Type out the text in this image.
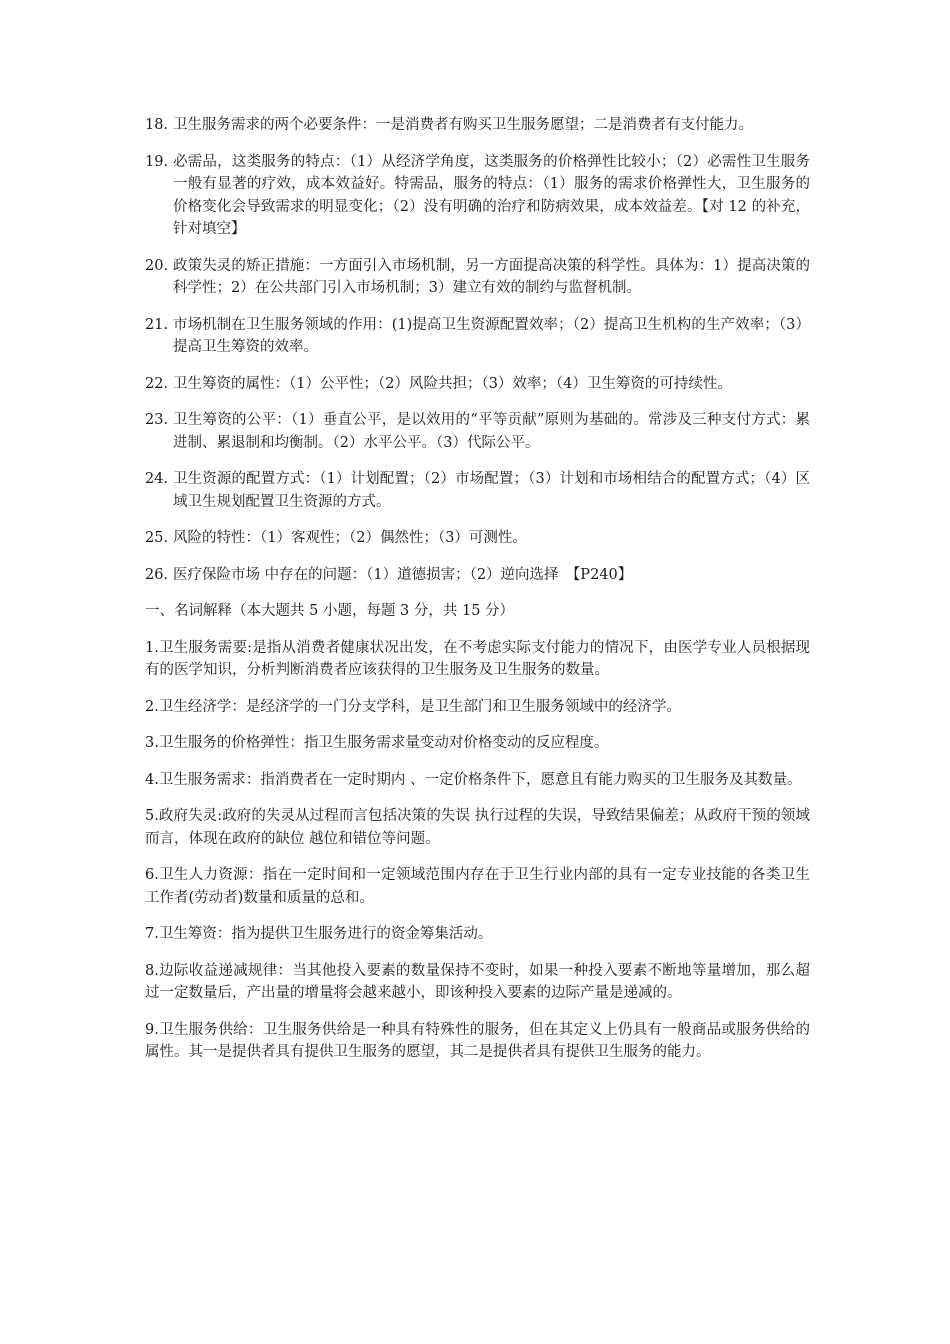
18. 卫生服务需求的两个必要条件：一是消费者有购买卫生服务愿望；二是消费者有支付能力。
19. 必需品，这类服务的特点：（1）从经济学角度，这类服务的价格弹性比较小；（2）必需性卫生服务一般有显著的疗效，成本效益好。特需品，服务的特点：（1）服务的需求价格弹性大，卫生服务的价格变化会导致需求的明显变化；（2）没有明确的治疗和防病效果，成本效益差。【对 12 的补充，针对填空】
20. 政策失灵的矫正措施：一方面引入市场机制，另一方面提高决策的科学性。具体为：1）提高决策的科学性；2）在公共部门引入市场机制；3）建立有效的制约与监督机制。
21. 市场机制在卫生服务领域的作用：(1)提高卫生资源配置效率；（2）提高卫生机构的生产效率；（3）提高卫生筹资的效率。
22. 卫生筹资的属性：（1）公平性；（2）风险共担；（3）效率；（4）卫生筹资的可持续性。
23. 卫生筹资的公平：（1）垂直公平，是以效用的“平等贡献”原则为基础的。常涉及三种支付方式：累进制、累退制和均衡制。（2）水平公平。（3）代际公平。
24. 卫生资源的配置方式：（1）计划配置；（2）市场配置；（3）计划和市场相结合的配置方式；（4）区域卫生规划配置卫生资源的方式。
25. 风险的特性：（1）客观性；（2）偶然性；（3）可测性。
26. 医疗保险市场 中存在的问题：（1）道德损害；（2）逆向选择　【P240】
一、名词解释（本大题共 5 小题，每题 3 分，共 15 分）
1.卫生服务需要:是指从消费者健康状况出发，在不考虑实际支付能力的情况下，由医学专业人员根据现有的医学知识，分析判断消费者应该获得的卫生服务及卫生服务的数量。
2.卫生经济学：是经济学的一门分支学科，是卫生部门和卫生服务领域中的经济学。
3.卫生服务的价格弹性：指卫生服务需求量变动对价格变动的反应程度。
4.卫生服务需求：指消费者在一定时期内 、一定价格条件下，愿意且有能力购买的卫生服务及其数量。
5.政府失灵:政府的失灵从过程而言包括决策的失误 执行过程的失误，导致结果偏差；从政府干预的领域而言，体现在政府的缺位 越位和错位等问题。
6.卫生人力资源：指在一定时间和一定领域范围内存在于卫生行业内部的具有一定专业技能的各类卫生工作者(劳动者)数量和质量的总和。
7.卫生筹资：指为提供卫生服务进行的资金筹集活动。
8.边际收益递减规律：当其他投入要素的数量保持不变时，如果一种投入要素不断地等量增加，那么超过一定数量后，产出量的增量将会越来越小，即该种投入要素的边际产量是递减的。
9.卫生服务供给：卫生服务供给是一种具有特殊性的服务，但在其定义上仍具有一般商品或服务供给的属性。其一是提供者具有提供卫生服务的愿望，其二是提供者具有提供卫生服务的能力。
